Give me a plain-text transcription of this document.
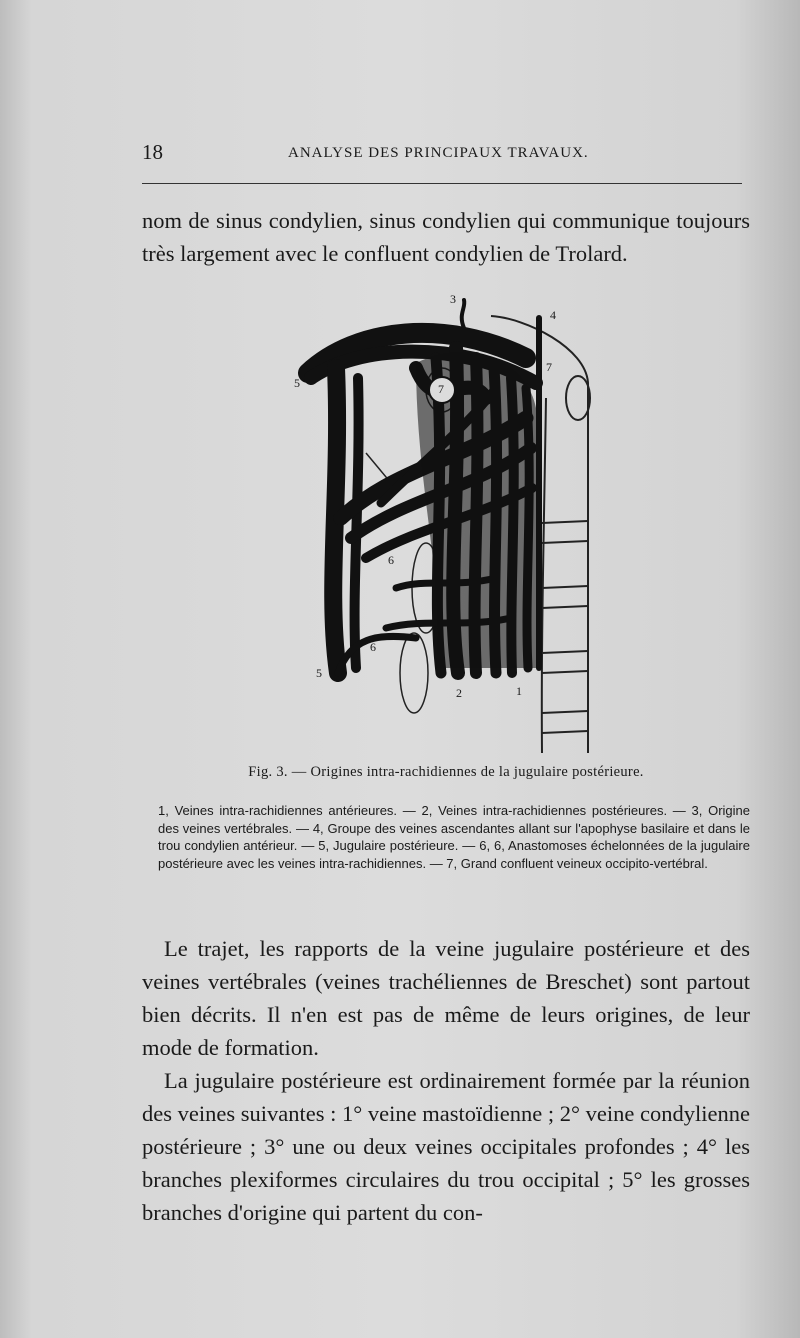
18	ANALYSE DES PRINCIPAUX TRAVAUX.

nom de sinus condylien, sinus condylien qui communique toujours très largement avec le confluent condylien de Trolard.

3
4
5	7
7
6
6
5
2	1
Fig. 3. — Origines intra-rachidiennes de la jugulaire postérieure.

1, Veines intra-rachidiennes antérieures. — 2, Veines intra-rachidiennes postérieures. — 3, Origine des veines vertébrales. — 4, Groupe des veines ascendantes allant sur l'apophyse basilaire et dans le trou condylien antérieur. — 5, Jugulaire postérieure. — 6, 6, Anastomoses échelonnées de la jugulaire postérieure avec les veines intra-rachidiennes. — 7, Grand confluent veineux occipito-vertébral.

Le trajet, les rapports de la veine jugulaire postérieure et des veines vertébrales (veines trachéliennes de Breschet) sont partout bien décrits. Il n'en est pas de même de leurs origines, de leur mode de formation.

La jugulaire postérieure est ordinairement formée par la réunion des veines suivantes : 1° veine mastoïdienne ; 2° veine condylienne postérieure ; 3° une ou deux veines occipitales profondes ; 4° les branches plexiformes circulaires du trou occipital ; 5° les grosses branches d'origine qui partent du con-
